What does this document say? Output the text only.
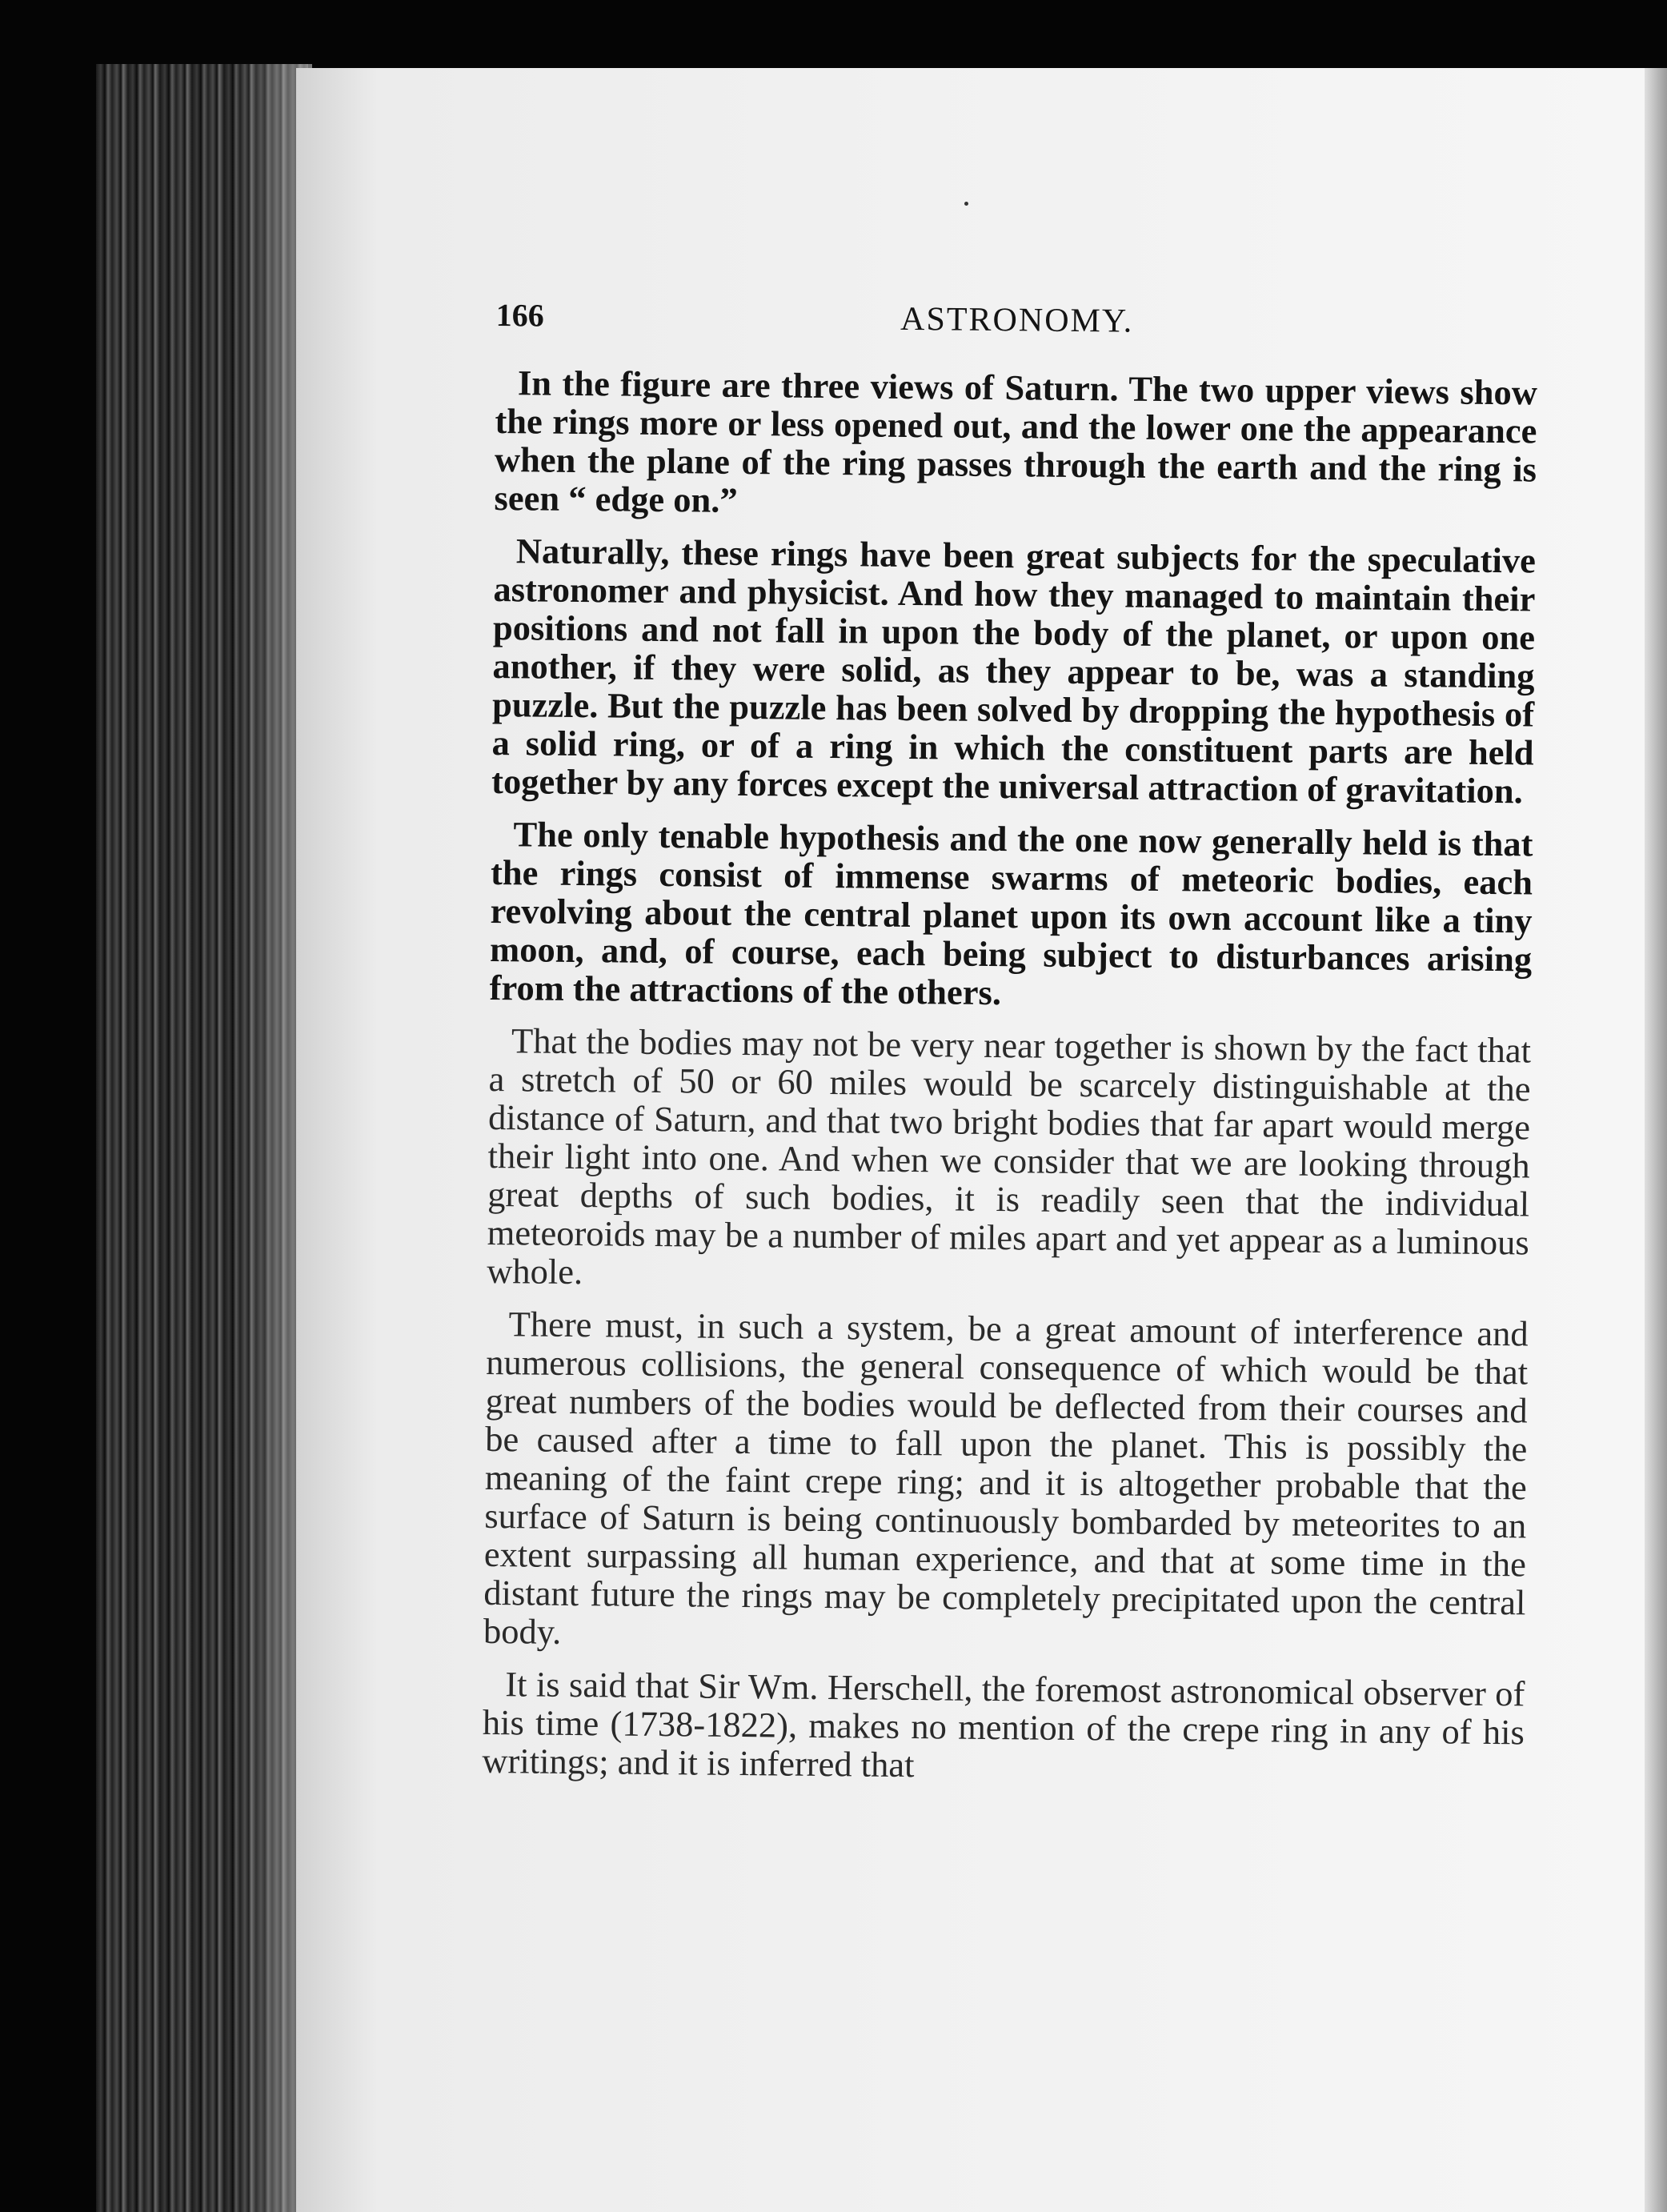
166	ASTRONOMY.

In the figure are three views of Saturn. The two upper views show the rings more or less opened out, and the lower one the appearance when the plane of the ring passes through the earth and the ring is seen “ edge on.”

Naturally, these rings have been great subjects for the speculative astronomer and physicist. And how they managed to maintain their positions and not fall in upon the body of the planet, or upon one another, if they were solid, as they appear to be, was a standing puzzle. But the puzzle has been solved by dropping the hypothesis of a solid ring, or of a ring in which the constituent parts are held together by any forces except the universal attraction of gravitation.

The only tenable hypothesis and the one now generally held is that the rings consist of immense swarms of meteoric bodies, each revolving about the central planet upon its own account like a tiny moon, and, of course, each being subject to disturbances arising from the attractions of the others.

That the bodies may not be very near together is shown by the fact that a stretch of 50 or 60 miles would be scarcely distinguishable at the distance of Saturn, and that two bright bodies that far apart would merge their light into one. And when we consider that we are looking through great depths of such bodies, it is readily seen that the individual meteoroids may be a number of miles apart and yet appear as a luminous whole.

There must, in such a system, be a great amount of interference and numerous collisions, the general consequence of which would be that great numbers of the bodies would be deflected from their courses and be caused after a time to fall upon the planet. This is possibly the meaning of the faint crepe ring; and it is altogether probable that the surface of Saturn is being continuously bombarded by meteorites to an extent surpassing all human experience, and that at some time in the distant future the rings may be completely precipitated upon the central body.

It is said that Sir Wm. Herschell, the foremost astronomical observer of his time (1738-1822), makes no mention of the crepe ring in any of his writings; and it is inferred that
